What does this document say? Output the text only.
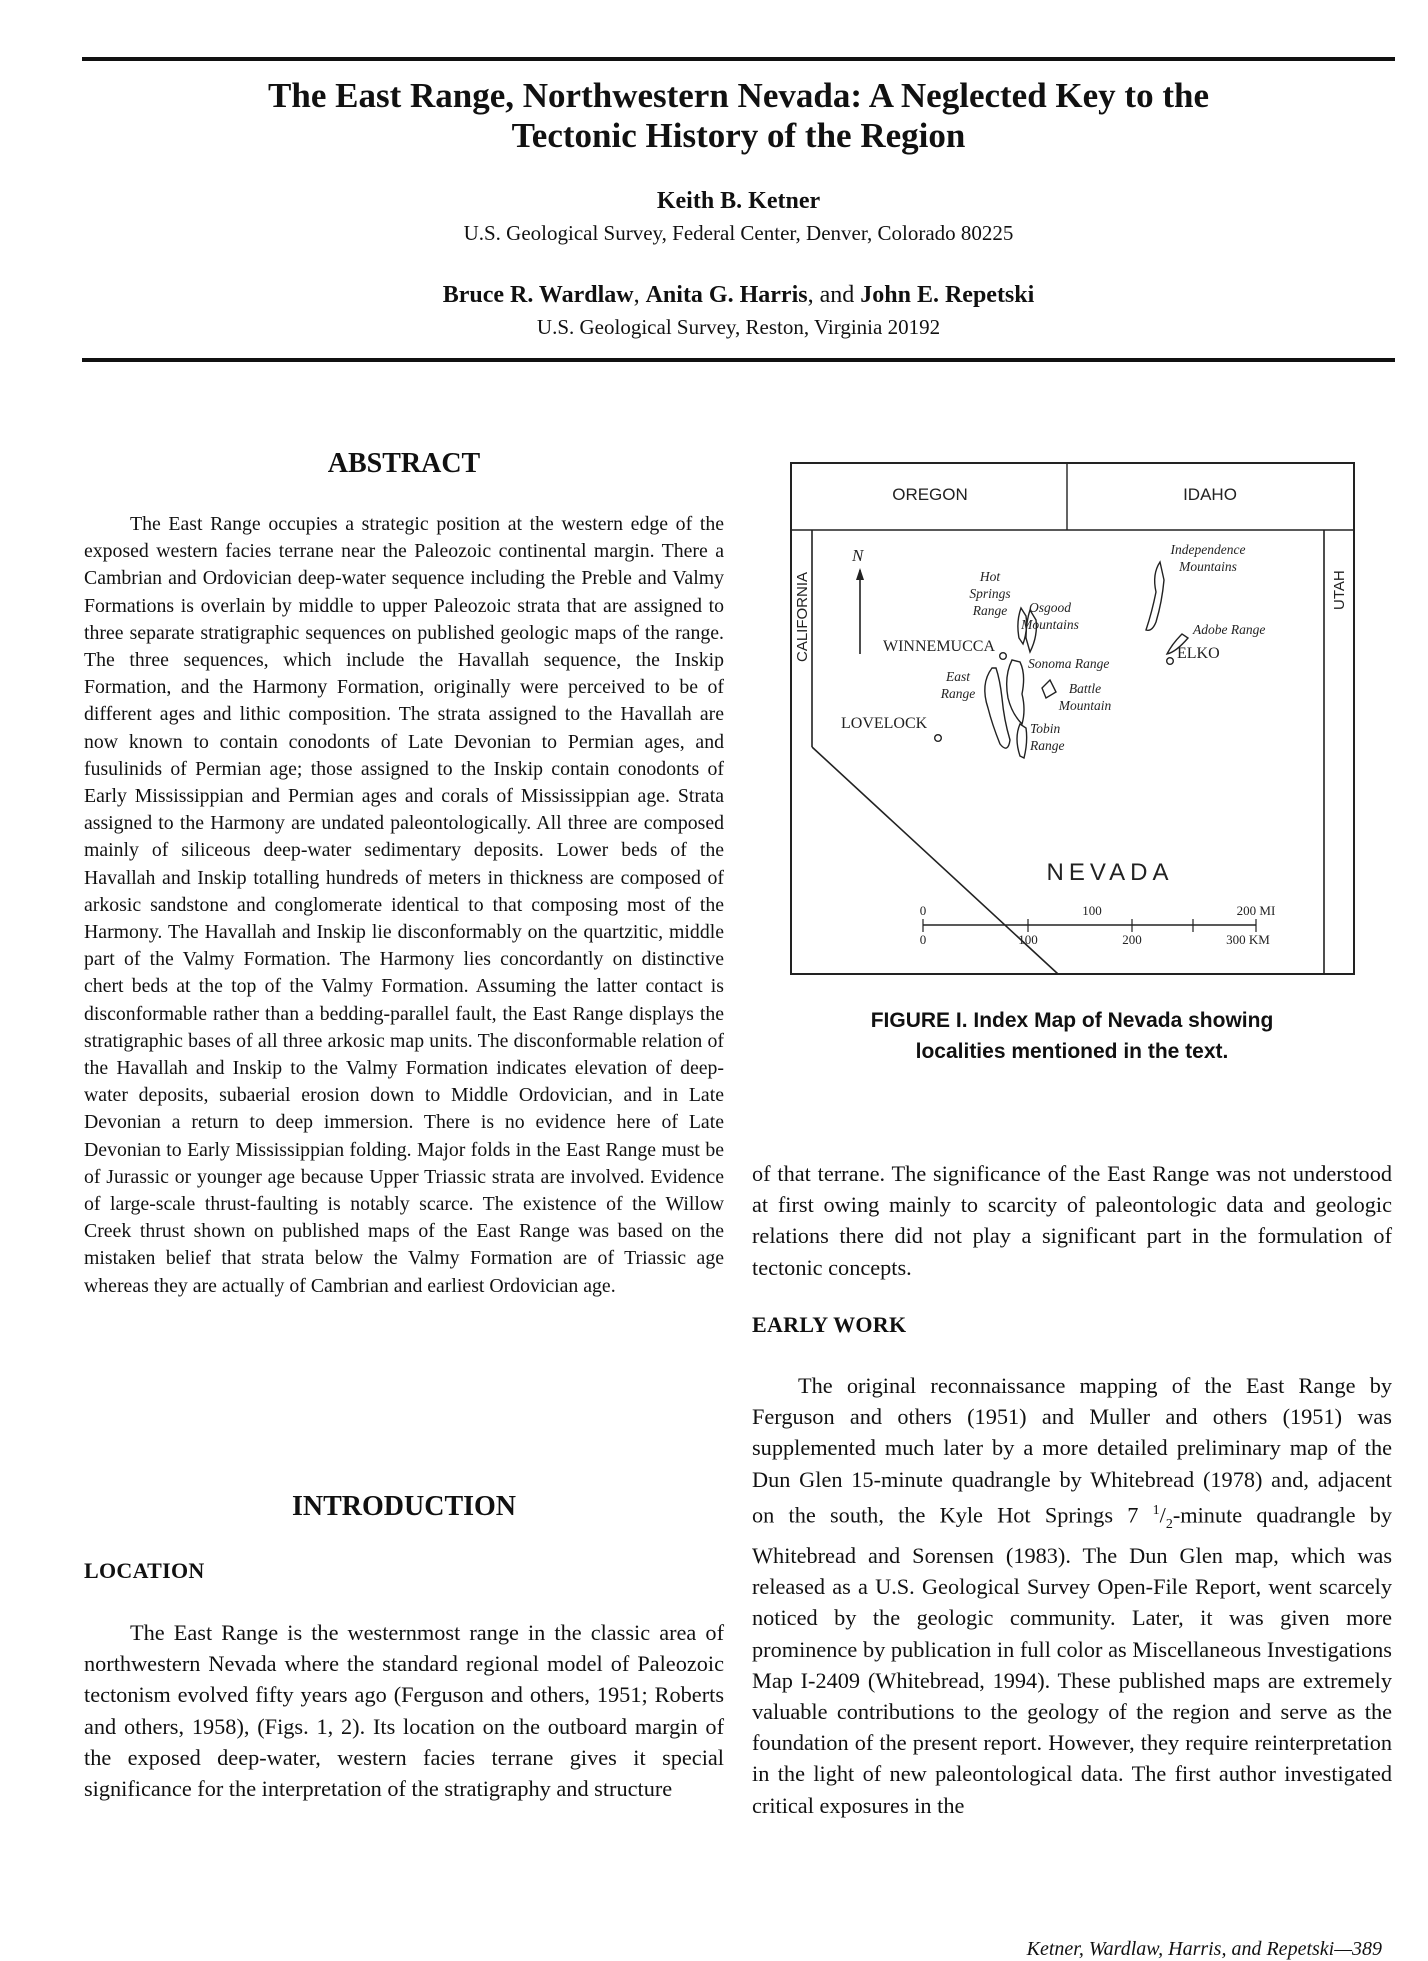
The East Range, Northwestern Nevada: A Neglected Key to the
Tectonic History of the Region
Keith B. Ketner
U.S. Geological Survey, Federal Center, Denver, Colorado 80225
Bruce R. Wardlaw, Anita G. Harris, and John E. Repetski
U.S. Geological Survey, Reston, Virginia 20192
ABSTRACT

The East Range occupies a strategic position at the western edge of the exposed western facies terrane near the Paleozoic continental margin. There a Cambrian and Ordovician deep-water sequence including the Preble and Valmy Formations is overlain by middle to upper Paleozoic strata that are assigned to three separate stratigraphic sequences on published geologic maps of the range. The three sequences, which include the Havallah sequence, the Inskip Formation, and the Harmony Formation, originally were perceived to be of different ages and lithic composition. The strata assigned to the Havallah are now known to contain conodonts of Late Devonian to Permian ages, and fusulinids of Permian age; those assigned to the Inskip contain conodonts of Early Mississippian and Permian ages and corals of Mississippian age. Strata assigned to the Harmony are undated paleontologically. All three are composed mainly of siliceous deep-water sedimentary deposits. Lower beds of the Havallah and Inskip totalling hundreds of meters in thickness are composed of arkosic sandstone and conglomerate identical to that composing most of the Harmony. The Havallah and Inskip lie disconformably on the quartzitic, middle part of the Valmy Formation. The Harmony lies concordantly on distinctive chert beds at the top of the Valmy Formation. Assuming the latter contact is disconformable rather than a bedding-parallel fault, the East Range displays the stratigraphic bases of all three arkosic map units. The disconformable relation of the Havallah and Inskip to the Valmy Formation indicates elevation of deep-water deposits, subaerial erosion down to Middle Ordovician, and in Late Devonian a return to deep immersion. There is no evidence here of Late Devonian to Early Mississippian folding. Major folds in the East Range must be of Jurassic or younger age because Upper Triassic strata are involved. Evidence of large-scale thrust-faulting is notably scarce. The existence of the Willow Creek thrust shown on published maps of the East Range was based on the mistaken belief that strata below the Valmy Formation are of Triassic age whereas they are actually of Cambrian and earliest Ordovician age.

INTRODUCTION
LOCATION

The East Range is the westernmost range in the classic area of northwestern Nevada where the standard regional model of Paleozoic tectonism evolved fifty years ago (Ferguson and others, 1951; Roberts and others, 1958), (Figs. 1, 2). Its location on the outboard margin of the exposed deep-water, western facies terrane gives it special significance for the interpretation of the stratigraphy and structure

of that terrane. The significance of the East Range was not understood at first owing mainly to scarcity of paleontologic data and geologic relations there did not play a significant part in the formulation of tectonic concepts.

EARLY WORK

The original reconnaissance mapping of the East Range by Ferguson and others (1951) and Muller and others (1951) was supplemented much later by a more detailed preliminary map of the Dun Glen 15-minute quadrangle by Whitebread (1978) and, adjacent on the south, the Kyle Hot Springs 7 $^1/_2$-minute quadrangle by Whitebread and Sorensen (1983). The Dun Glen map, which was released as a U.S. Geological Survey Open-File Report, went scarcely noticed by the geologic community. Later, it was given more prominence by publication in full color as Miscellaneous Investigations Map I-2409 (Whitebread, 1994). These published maps are extremely valuable contributions to the geology of the region and serve as the foundation of the present report. However, they require reinterpretation in the light of new paleontological data. The first author investigated critical exposures in the

OREGON	IDAHO
CALIFORNIA	UTAH
NEVADA
N
WINNEMUCCA
LOVELOCK
ELKO
Hot
Springs
Range Osgood
Mountains
Independence
Mountains
Adobe Range
Sonoma Range
East
Range	Battle
Mountain
Tobin
Range
0	100	200 MI
0	100	200	300 KM
FIGURE I. Index Map of Nevada showing
localities mentioned in the text.
Ketner, Wardlaw, Harris, and Repetski—389
